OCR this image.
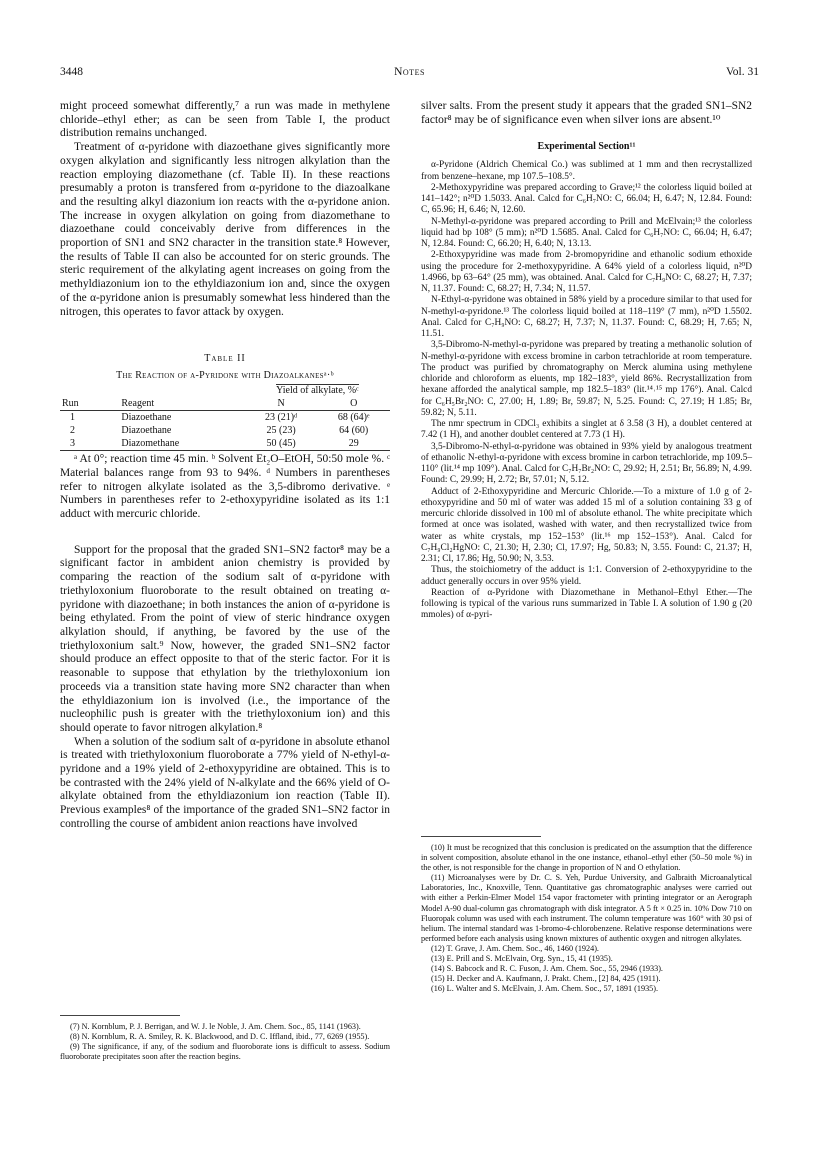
3448	Notes	Vol. 31

might proceed somewhat differently,⁷ a run was made in methylene chloride–ethyl ether; as can be seen from Table I, the product distribution remains unchanged.

Treatment of α-pyridone with diazoethane gives significantly more oxygen alkylation and significantly less nitrogen alkylation than the reaction employing diazomethane (cf. Table II). In these reactions presumably a proton is transfered from α-pyridone to the diazoalkane and the resulting alkyl diazonium ion reacts with the α-pyridone anion. The increase in oxygen alkylation on going from diazomethane to diazoethane could conceivably derive from differences in the proportion of SN1 and SN2 character in the transition state.⁸ However, the results of Table II can also be accounted for on steric grounds. The steric requirement of the alkylating agent increases on going from the methyldiazonium ion to the ethyldiazonium ion and, since the oxygen of the α-pyridone anion is presumably somewhat less hindered than the nitrogen, this operates to favor attack by oxygen.

Table II
The Reaction of α-Pyridone with Diazoalkanesᵃ·ᵇ
		Yield of alkylate, %ᶜ	
Run	Reagent	N	O

1	Diazoethane	23 (21)ᵈ	68 (64)ᵉ
2	Diazoethane	25 (23)	64 (60)
3	Diazomethane	50 (45)	29

ᵃ At 0°; reaction time 45 min. ᵇ Solvent Et₂O–EtOH, 50:50 mole %. ᶜ Material balances range from 93 to 94%. ᵈ Numbers in parentheses refer to nitrogen alkylate isolated as the 3,5-dibromo derivative. ᵉ Numbers in parentheses refer to 2-ethoxypyridine isolated as its 1:1 adduct with mercuric chloride.

Support for the proposal that the graded SN1–SN2 factor⁸ may be a significant factor in ambident anion chemistry is provided by comparing the reaction of the sodium salt of α-pyridone with triethyloxonium fluoroborate to the result obtained on treating α-pyridone with diazoethane; in both instances the anion of α-pyridone is being ethylated. From the point of view of steric hindrance oxygen alkylation should, if anything, be favored by the use of the triethyloxonium salt.⁹ Now, however, the graded SN1–SN2 factor should produce an effect opposite to that of the steric factor. For it is reasonable to suppose that ethylation by the triethyloxonium ion proceeds via a transition state having more SN2 character than when the ethyldiazonium ion is involved (i.e., the importance of the nucleophilic push is greater with the triethyloxonium ion) and this should operate to favor nitrogen alkylation.⁸

When a solution of the sodium salt of α-pyridone in absolute ethanol is treated with triethyloxonium fluoroborate a 77% yield of N-ethyl-α-pyridone and a 19% yield of 2-ethoxypyridine are obtained. This is to be contrasted with the 24% yield of N-alkylate and the 66% yield of O-alkylate obtained from the ethyldiazonium ion reaction (Table II). Previous examples⁸ of the importance of the graded SN1–SN2 factor in controlling the course of ambident anion reactions have involved

(7) N. Kornblum, P. J. Berrigan, and W. J. le Noble, J. Am. Chem. Soc., 85, 1141 (1963).

(8) N. Kornblum, R. A. Smiley, R. K. Blackwood, and D. C. Iffland, ibid., 77, 6269 (1955).

(9) The significance, if any, of the sodium and fluoroborate ions is difficult to assess. Sodium fluoroborate precipitates soon after the reaction begins.

silver salts. From the present study it appears that the graded SN1–SN2 factor⁸ may be of significance even when silver ions are absent.¹⁰

Experimental Section¹¹

α-Pyridone (Aldrich Chemical Co.) was sublimed at 1 mm and then recrystallized from benzene–hexane, mp 107.5–108.5°.

2-Methoxypyridine was prepared according to Grave;¹² the colorless liquid boiled at 141–142°; n²⁰D 1.5033. Anal. Calcd for C₆H₇NO: C, 66.04; H, 6.47; N, 12.84. Found: C, 65.96; H, 6.46; N, 12.60.

N-Methyl-α-pyridone was prepared according to Prill and McElvain;¹³ the colorless liquid had bp 108° (5 mm); n²⁰D 1.5685. Anal. Calcd for C₆H₇NO: C, 66.04; H, 6.47; N, 12.84. Found: C, 66.20; H, 6.40; N, 13.13.

2-Ethoxypyridine was made from 2-bromopyridine and ethanolic sodium ethoxide using the procedure for 2-methoxypyridine. A 64% yield of a colorless liquid, n²⁰D 1.4966, bp 63–64° (25 mm), was obtained. Anal. Calcd for C₇H₉NO: C, 68.27; H, 7.37; N, 11.37. Found: C, 68.27; H, 7.34; N, 11.57.

N-Ethyl-α-pyridone was obtained in 58% yield by a procedure similar to that used for N-methyl-α-pyridone.¹³ The colorless liquid boiled at 118–119° (7 mm), n²⁰D 1.5502. Anal. Calcd for C₇H₉NO: C, 68.27; H, 7.37; N, 11.37. Found: C, 68.29; H, 7.65; N, 11.51.

3,5-Dibromo-N-methyl-α-pyridone was prepared by treating a methanolic solution of N-methyl-α-pyridone with excess bromine in carbon tetrachloride at room temperature. The product was purified by chromatography on Merck alumina using methylene chloride and chloroform as eluents, mp 182–183°, yield 86%. Recrystallization from hexane afforded the analytical sample, mp 182.5–183° (lit.¹⁴˒¹⁵ mp 176°). Anal. Calcd for C₆H₅Br₂NO: C, 27.00; H, 1.89; Br, 59.87; N, 5.25. Found: C, 27.19; H 1.85; Br, 59.82; N, 5.11.

The nmr spectrum in CDCl₃ exhibits a singlet at δ 3.58 (3 H), a doublet centered at 7.42 (1 H), and another doublet centered at 7.73 (1 H).

3,5-Dibromo-N-ethyl-α-pyridone was obtained in 93% yield by analogous treatment of ethanolic N-ethyl-α-pyridone with excess bromine in carbon tetrachloride, mp 109.5–110° (lit.¹⁴ mp 109°). Anal. Calcd for C₇H₇Br₂NO: C, 29.92; H, 2.51; Br, 56.89; N, 4.99. Found: C, 29.99; H, 2.72; Br, 57.01; N, 5.12.

Adduct of 2-Ethoxypyridine and Mercuric Chloride.—To a mixture of 1.0 g of 2-ethoxypyridine and 50 ml of water was added 15 ml of a solution containing 33 g of mercuric chloride dissolved in 100 ml of absolute ethanol. The white precipitate which formed at once was isolated, washed with water, and then recrystallized twice from water as white crystals, mp 152–153° (lit.¹⁶ mp 152–153°). Anal. Calcd for C₇H₉Cl₂HgNO: C, 21.30; H, 2.30; Cl, 17.97; Hg, 50.83; N, 3.55. Found: C, 21.37; H, 2.31; Cl, 17.86; Hg, 50.90; N, 3.53.

Thus, the stoichiometry of the adduct is 1:1. Conversion of 2-ethoxypyridine to the adduct generally occurs in over 95% yield.

Reaction of α-Pyridone with Diazomethane in Methanol–Ethyl Ether.—The following is typical of the various runs summarized in Table I. A solution of 1.90 g (20 mmoles) of α-pyri-

(10) It must be recognized that this conclusion is predicated on the assumption that the difference in solvent composition, absolute ethanol in the one instance, ethanol–ethyl ether (50–50 mole %) in the other, is not responsible for the change in proportion of N and O ethylation.

(11) Microanalyses were by Dr. C. S. Yeh, Purdue University, and Galbraith Microanalytical Laboratories, Inc., Knoxville, Tenn. Quantitative gas chromatographic analyses were carried out with either a Perkin-Elmer Model 154 vapor fractometer with printing integrator or an Aerograph Model A-90 dual-column gas chromatograph with disk integrator. A 5 ft × 0.25 in. 10% Dow 710 on Fluoropak column was used with each instrument. The column temperature was 160° with 30 psi of helium. The internal standard was 1-bromo-4-chlorobenzene. Relative response determinations were performed before each analysis using known mixtures of authentic oxygen and nitrogen alkylates.

(12) T. Grave, J. Am. Chem. Soc., 46, 1460 (1924).

(13) E. Prill and S. McElvain, Org. Syn., 15, 41 (1935).

(14) S. Babcock and R. C. Fuson, J. Am. Chem. Soc., 55, 2946 (1933).

(15) H. Decker and A. Kaufmann, J. Prakt. Chem., [2] 84, 425 (1911).

(16) L. Walter and S. McElvain, J. Am. Chem. Soc., 57, 1891 (1935).
